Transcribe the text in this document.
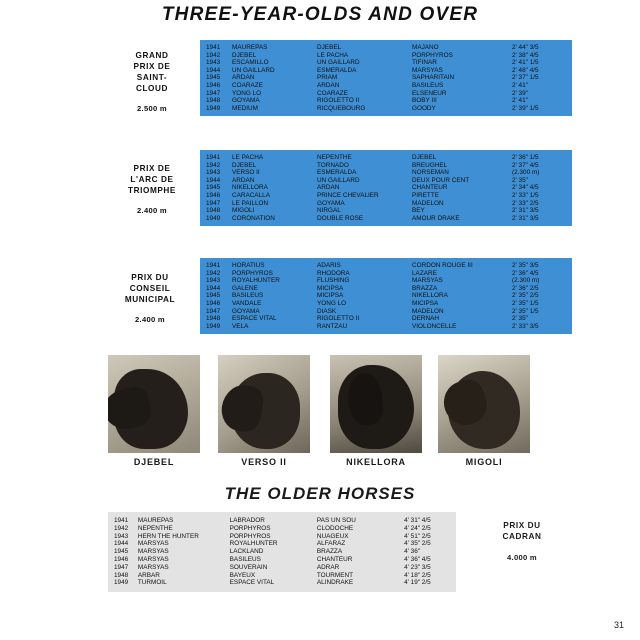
THREE-YEAR-OLDS AND OVER
GRAND
PRIX DE
SAINT-
CLOUD
2.500 m
1941	MAUREPAS	DJEBEL	MAJANO	2' 44" 3/5
1942	DJEBEL	LE PACHA	PORPHYROS	2' 38" 4/5
1943	ESCAMILLO	UN GAILLARD	TIFINAR	2' 41" 1/5
1944	UN GAILLARD	ESMERALDA	MARSYAS	2' 48" 4/5
1945	ARDAN	PRIAM	SAPHARITAIN	2' 37" 1/5
1946	COARAZE	ARDAN	BASILEUS	2' 41"
1947	YONG LO	COARAZE	ELSENEUR	2' 39"
1948	GOYAMA	RIGOLETTO II	BOBY III	2' 41"
1949	MEDIUM	RICQUEBOURG	GOODY	2' 39" 1/5
PRIX DE
L'ARC DE
TRIOMPHE
2.400 m
1941	LE PACHA	NEPENTHE	DJEBEL	2' 36" 1/5
1942	DJEBEL	TORNADO	BREUGHEL	2' 37" 4/5
1943	VERSO II	ESMERALDA	NORSEMAN	(2.300 m)
1944	ARDAN	UN GAILLARD	DEUX POUR CENT	2' 35"
1945	NIKELLORA	ARDAN	CHANTEUR	2' 34" 4/5
1946	CARACALLA	PRINCE CHEVALIER	PIRETTE	2' 33" 1/5
1947	LE PAILLON	GOYAMA	MADELON	2' 33" 2/5
1948	MIGOLI	NIRGAL	BEY	2' 31" 3/5
1949	CORONATION	DOUBLE ROSE	AMOUR DRAKE	2' 31" 3/5
PRIX DU
CONSEIL
MUNICIPAL
2.400 m
1941	HORATIUS	ADARIS	CORDON ROUGE III	2' 35" 3/5
1942	PORPHYROS	RHODORA	LAZARE	2' 36" 4/5
1943	ROYALHUNTER	FLUSHING	MARSYAS	(2.300 m)
1944	GALENE	MICIPSA	BRAZZA	2' 36" 2/5
1945	BASILEUS	MICIPSA	NIKELLORA	2' 35" 2/5
1946	VANDALE	YONG LO	MICIPSA	2' 35" 1/5
1947	GOYAMA	DIASK	MADELON	2' 35" 1/5
1948	ESPACE VITAL	RIGOLETTO II	DERNAH	2' 35"
1949	VELA	RANTZAU	VIOLONCELLE	2' 33" 3/5
DJEBEL	VERSO II	NIKELLORA	MIGOLI
THE OLDER HORSES
1941	MAUREPAS	LABRADOR	PAS UN SOU	4' 31" 4/5
1942	NEPENTHE	PORPHYROS	CLODOCHE	4' 24" 2/5
1943	HERN THE HUNTER	PORPHYROS	NUAGEUX	4' 51" 2/5
1944	MARSYAS	ROYALHUNTER	ALFARAZ	4' 35" 2/5
1945	MARSYAS	LACKLAND	BRAZZA	4' 36"
1946	MARSYAS	BASILEUS	CHANTEUR	4' 36" 4/5
1947	MARSYAS	SOUVERAIN	ADRAR	4' 23" 3/5
1948	ARBAR	BAYEUX	TOURMENT	4' 18" 2/5
1949	TURMOIL	ESPACE VITAL	ALINDRAKE	4' 19" 2/5
PRIX DU
CADRAN
4.000 m
31
